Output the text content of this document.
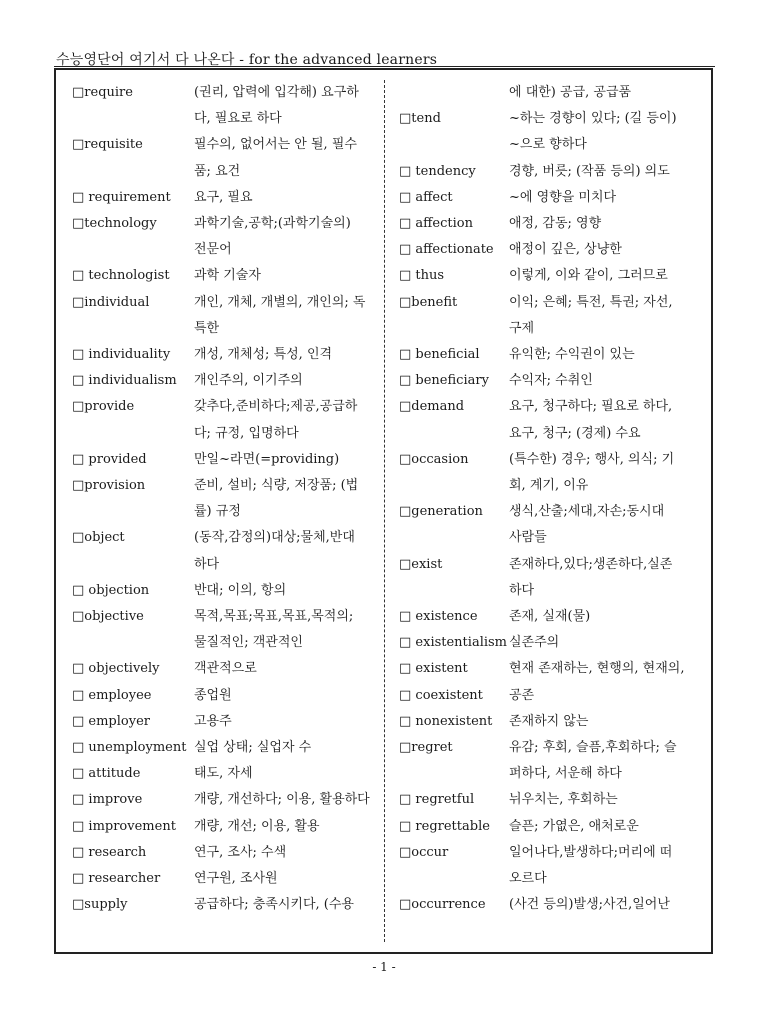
수능영단어 여기서 다 나온다 - for the advanced learners
□require	(권리, 압력에 입각해) 요구하
다, 필요로 하다
□requisite	필수의, 없어서는 안 될, 필수
품; 요건
□ requirement	요구, 필요
□technology	과학기술,공학;(과학기술의)
전문어
□ technologist	과학 기술자
□individual	개인, 개체, 개별의, 개인의; 독
특한
□ individuality	개성, 개체성; 특성, 인격
□ individualism	개인주의, 이기주의
□provide	갖추다,준비하다;제공,공급하
다; 규정, 입명하다
□ provided	만일~라면(=providing)
□provision	준비, 설비; 식량, 저장품; (법
률) 규정
□object	(동작,감정의)대상;물체,반대
하다
□ objection	반대; 이의, 항의
□objective	목적,목표;목표,목표,목적의;
물질적인; 객관적인
□ objectively	객관적으로
□ employee	종업원
□ employer	고용주
□ unemployment 실업 상태; 실업자 수
□ attitude	태도, 자세
□ improve	개량, 개선하다; 이용, 활용하다
□ improvement	개량, 개선; 이용, 활용
□ research	연구, 조사; 수색
□ researcher	연구원, 조사원
□supply	공급하다; 충족시키다, (수용
에 대한) 공급, 공급품
□tend	~하는 경향이 있다; (길 등이)
~으로 향하다
□ tendency	경향, 버릇; (작품 등의) 의도
□ affect	~에 영향을 미치다
□ affection	애정, 감동; 영향
□ affectionate	애정이 깊은, 상냥한
□ thus	이렇게, 이와 같이, 그러므로
□benefit	이익; 은혜; 특전, 특권; 자선,
구제
□ beneficial	유익한; 수익권이 있는
□ beneficiary	수익자; 수취인
□demand	요구, 청구하다; 필요로 하다,
요구, 청구; (경제) 수요
□occasion	(특수한) 경우; 행사, 의식; 기
회, 계기, 이유
□generation	생식,산출;세대,자손;동시대
사람들
□exist	존재하다,있다;생존하다,실존
하다
□ existence	존재, 실재(물)
□ existentialism 실존주의
□ existent	현재 존재하는, 현행의, 현재의,
□ coexistent	공존
□ nonexistent	존재하지 않는
□regret	유감; 후회, 슬픔,후회하다; 슬
퍼하다, 서운해 하다
□ regretful	뉘우치는, 후회하는
□ regrettable	슬픈; 가엾은, 애처로운
□occur	일어나다,발생하다;머리에 떠
오르다
□occurrence	(사건 등의)발생;사건,일어난
- 1 -
